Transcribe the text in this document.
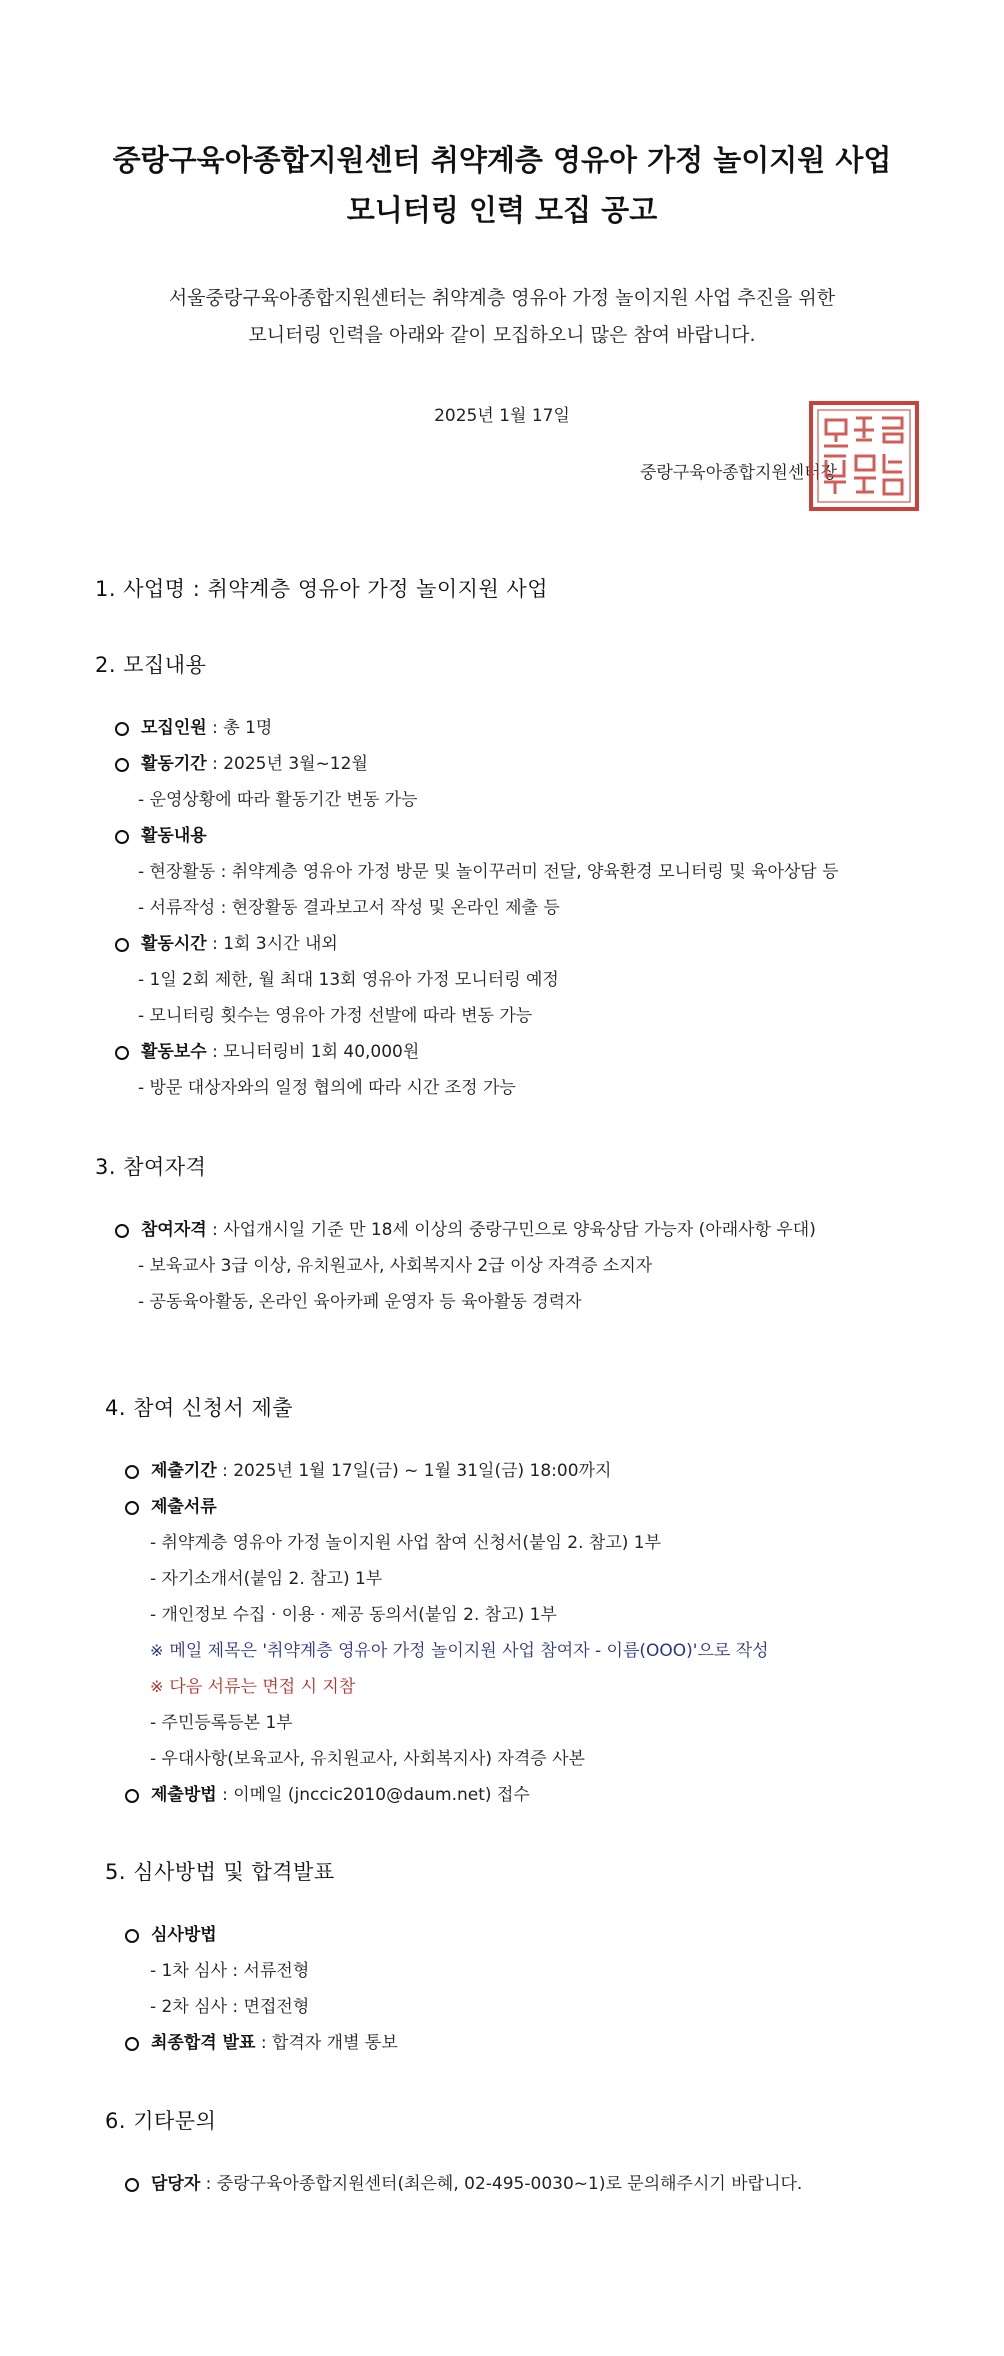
중랑구육아종합지원센터 취약계층 영유아 가정 놀이지원 사업
모니터링 인력 모집 공고
서울중랑구육아종합지원센터는 취약계층 영유아 가정 놀이지원 사업 추진을 위한
모니터링 인력을 아래와 같이 모집하오니 많은 참여 바랍니다.
2025년 1월 17일
중랑구육아종합지원센터장
1. 사업명 : 취약계층 영유아 가정 놀이지원 사업
2. 모집내용
모집인원 : 총 1명
활동기간 : 2025년 3월~12월
- 운영상황에 따라 활동기간 변동 가능
활동내용
- 현장활동 : 취약계층 영유아 가정 방문 및 놀이꾸러미 전달, 양육환경 모니터링 및 육아상담 등
- 서류작성 : 현장활동 결과보고서 작성 및 온라인 제출 등
활동시간 : 1회 3시간 내외
- 1일 2회 제한, 월 최대 13회 영유아 가정 모니터링 예정
- 모니터링 횟수는 영유아 가정 선발에 따라 변동 가능
활동보수 : 모니터링비 1회 40,000원
- 방문 대상자와의 일정 협의에 따라 시간 조정 가능
3. 참여자격
참여자격 : 사업개시일 기준 만 18세 이상의 중랑구민으로 양육상담 가능자 (아래사항 우대)
- 보육교사 3급 이상, 유치원교사, 사회복지사 2급 이상 자격증 소지자
- 공동육아활동, 온라인 육아카페 운영자 등 육아활동 경력자
4. 참여 신청서 제출
제출기간 : 2025년 1월 17일(금) ~ 1월 31일(금) 18:00까지
제출서류
- 취약계층 영유아 가정 놀이지원 사업 참여 신청서(붙임 2. 참고) 1부
- 자기소개서(붙임 2. 참고) 1부
- 개인정보 수집 · 이용 · 제공 동의서(붙임 2. 참고) 1부
※ 메일 제목은 '취약계층 영유아 가정 놀이지원 사업 참여자 - 이름(OOO)'으로 작성
※ 다음 서류는 면접 시 지참
- 주민등록등본 1부
- 우대사항(보육교사, 유치원교사, 사회복지사) 자격증 사본
제출방법 : 이메일 (jnccic2010@daum.net) 접수
5. 심사방법 및 합격발표
심사방법
- 1차 심사 : 서류전형
- 2차 심사 : 면접전형
최종합격 발표 : 합격자 개별 통보
6. 기타문의
담당자 : 중랑구육아종합지원센터(최은혜, 02-495-0030~1)로 문의해주시기 바랍니다.
